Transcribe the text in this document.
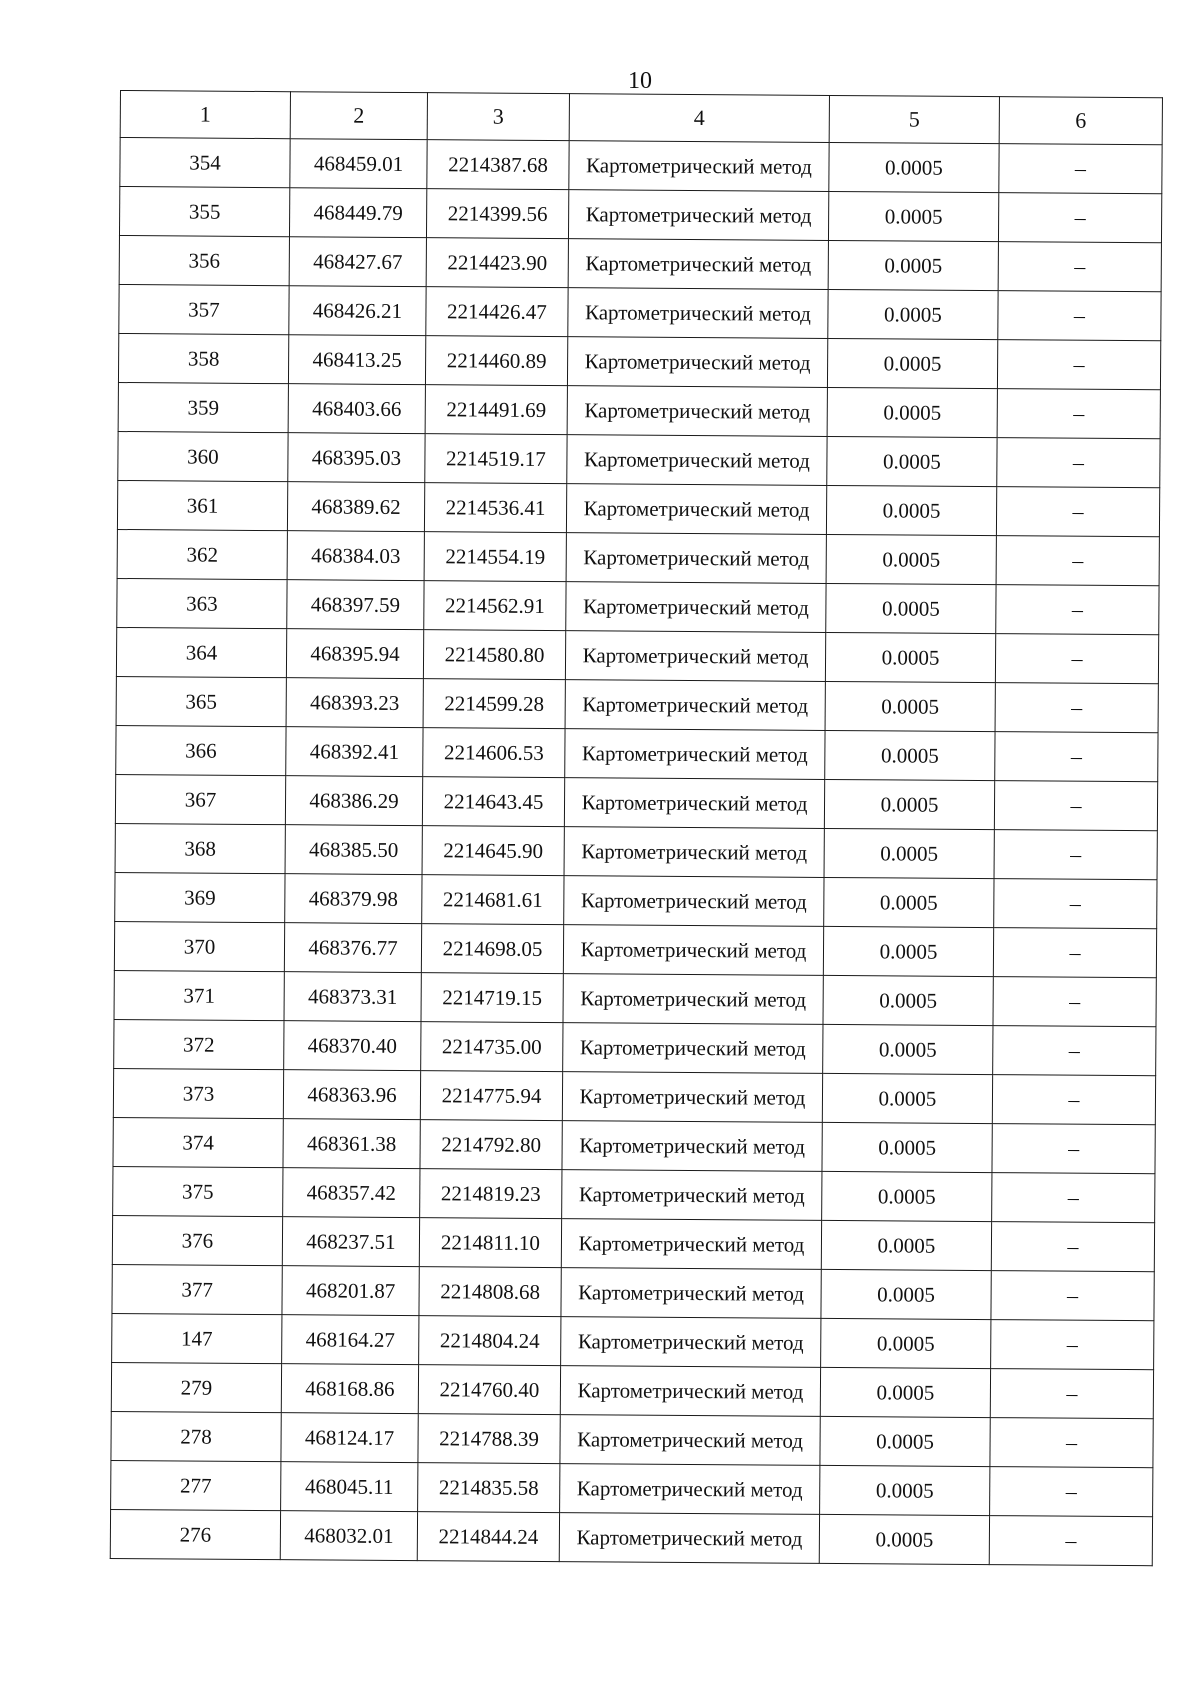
10
1	2	3	4	5	6
354	468459.01	2214387.68	Картометрический метод	0.0005	–
355	468449.79	2214399.56	Картометрический метод	0.0005	–
356	468427.67	2214423.90	Картометрический метод	0.0005	–
357	468426.21	2214426.47	Картометрический метод	0.0005	–
358	468413.25	2214460.89	Картометрический метод	0.0005	–
359	468403.66	2214491.69	Картометрический метод	0.0005	–
360	468395.03	2214519.17	Картометрический метод	0.0005	–
361	468389.62	2214536.41	Картометрический метод	0.0005	–
362	468384.03	2214554.19	Картометрический метод	0.0005	–
363	468397.59	2214562.91	Картометрический метод	0.0005	–
364	468395.94	2214580.80	Картометрический метод	0.0005	–
365	468393.23	2214599.28	Картометрический метод	0.0005	–
366	468392.41	2214606.53	Картометрический метод	0.0005	–
367	468386.29	2214643.45	Картометрический метод	0.0005	–
368	468385.50	2214645.90	Картометрический метод	0.0005	–
369	468379.98	2214681.61	Картометрический метод	0.0005	–
370	468376.77	2214698.05	Картометрический метод	0.0005	–
371	468373.31	2214719.15	Картометрический метод	0.0005	–
372	468370.40	2214735.00	Картометрический метод	0.0005	–
373	468363.96	2214775.94	Картометрический метод	0.0005	–
374	468361.38	2214792.80	Картометрический метод	0.0005	–
375	468357.42	2214819.23	Картометрический метод	0.0005	–
376	468237.51	2214811.10	Картометрический метод	0.0005	–
377	468201.87	2214808.68	Картометрический метод	0.0005	–
147	468164.27	2214804.24	Картометрический метод	0.0005	–
279	468168.86	2214760.40	Картометрический метод	0.0005	–
278	468124.17	2214788.39	Картометрический метод	0.0005	–
277	468045.11	2214835.58	Картометрический метод	0.0005	–
276	468032.01	2214844.24	Картометрический метод	0.0005	–
